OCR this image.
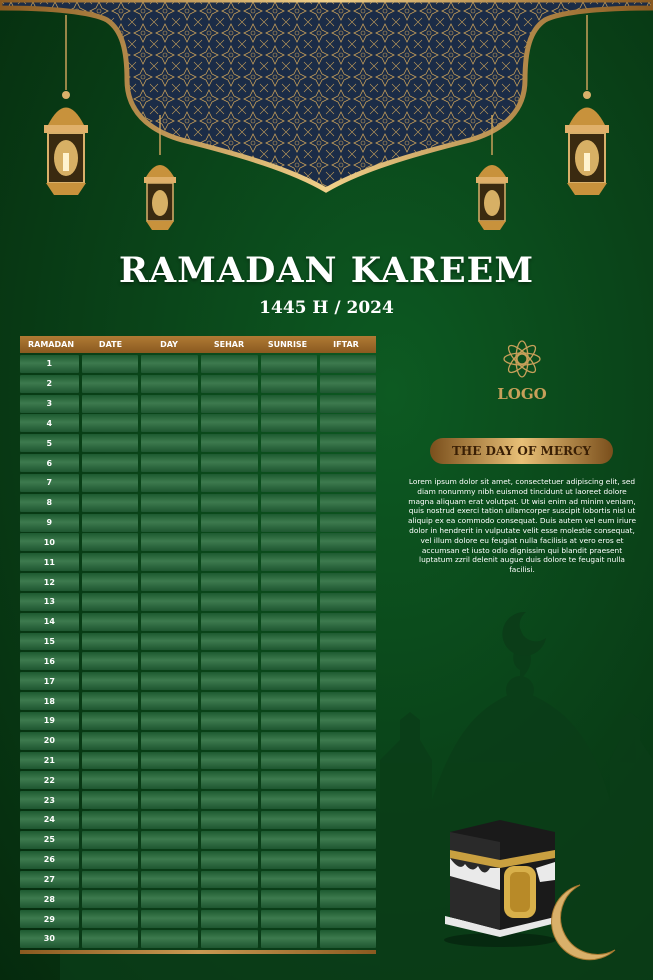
RAMADAN KAREEM
1445 H / 2024
RAMADAN	DATE	DAY	SEHAR	SUNRISE	IFTAR
1
2
3
4
5
6
7
8
9
10
11
12
13
14
15
16
17
18
19
20
21
22
23
24
25
26
27
28
29
30
LOGO
THE DAY OF MERCY
Lorem ipsum dolor sit amet, consectetuer adipiscing elit, sed diam nonummy nibh euismod tincidunt ut laoreet dolore magna aliquam erat volutpat. Ut wisi enim ad minim veniam, quis nostrud exerci tation ullamcorper suscipit lobortis nisl ut aliquip ex ea commodo consequat. Duis autem vel eum iriure dolor in hendrerit in vulputate velit esse molestie consequat, vel illum dolore eu feugiat nulla facilisis at vero eros et accumsan et iusto odio dignissim qui blandit praesent luptatum zzril delenit augue duis dolore te feugait nulla facilisi.
